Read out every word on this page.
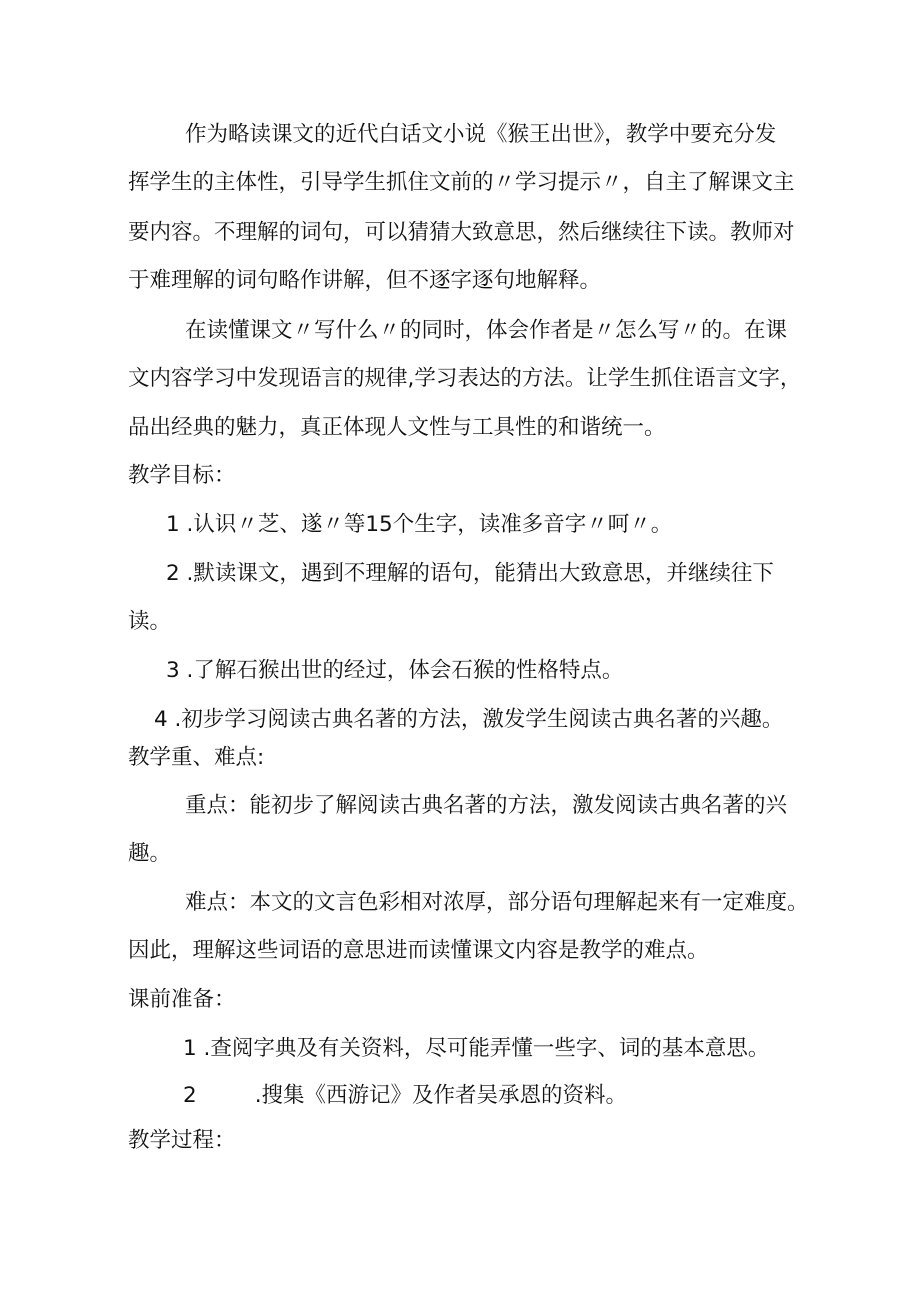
作为略读课文的近代白话文小说《猴王出世》，教学中要充分发
挥学生的主体性，引导学生抓住文前的〃学习提示〃，自主了解课文主
要内容。不理解的词句，可以猜猜大致意思，然后继续往下读。教师对
于难理解的词句略作讲解，但不逐字逐句地解释。
在读懂课文〃写什么〃的同时，体会作者是〃怎么写〃的。在课
文内容学习中发现语言的规律,学习表达的方法。让学生抓住语言文字，
品出经典的魅力，真正体现人文性与工具性的和谐统一。
教学目标：
1 .认识〃芝、遂〃等15个生字，读准多音字〃呵〃。
2 .默读课文，遇到不理解的语句，能猜出大致意思，并继续往下
读。
3 .了解石猴出世的经过，体会石猴的性格特点。
4 .初步学习阅读古典名著的方法，激发学生阅读古典名著的兴趣。
教学重、难点:
重点：能初步了解阅读古典名著的方法，激发阅读古典名著的兴
趣。
难点：本文的文言色彩相对浓厚，部分语句理解起来有一定难度。
因此，理解这些词语的意思进而读懂课文内容是教学的难点。
课前准备：
1 .查阅字典及有关资料，尽可能弄懂一些字、词的基本意思。
2	.搜集《西游记》及作者吴承恩的资料。
教学过程：
